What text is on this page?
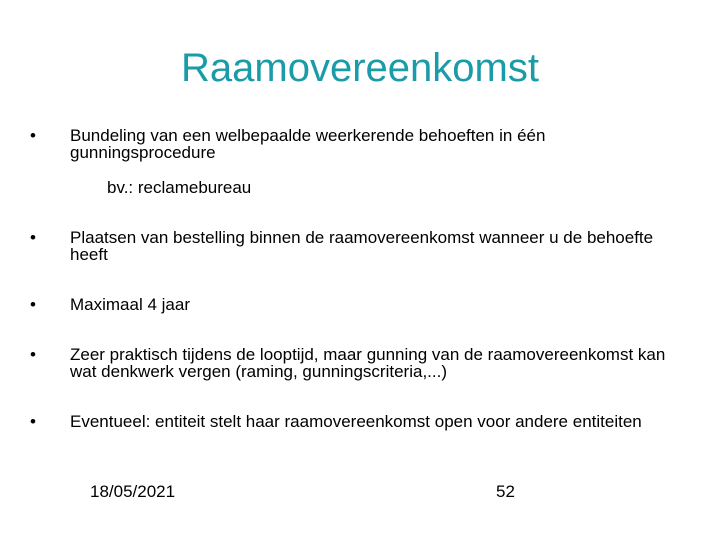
Raamovereenkomst
•	Bundeling van een welbepaalde weerkerende behoeften in één gunningsprocedure
bv.: reclamebureau
•	Plaatsen van bestelling binnen de raamovereenkomst wanneer u de behoefte heeft
•	Maximaal 4 jaar
•	Zeer praktisch tijdens de looptijd, maar gunning van de raamovereenkomst kan wat denkwerk vergen (raming, gunningscriteria,...)
•	Eventueel: entiteit stelt haar raamovereenkomst open voor andere entiteiten
18/05/2021	52
